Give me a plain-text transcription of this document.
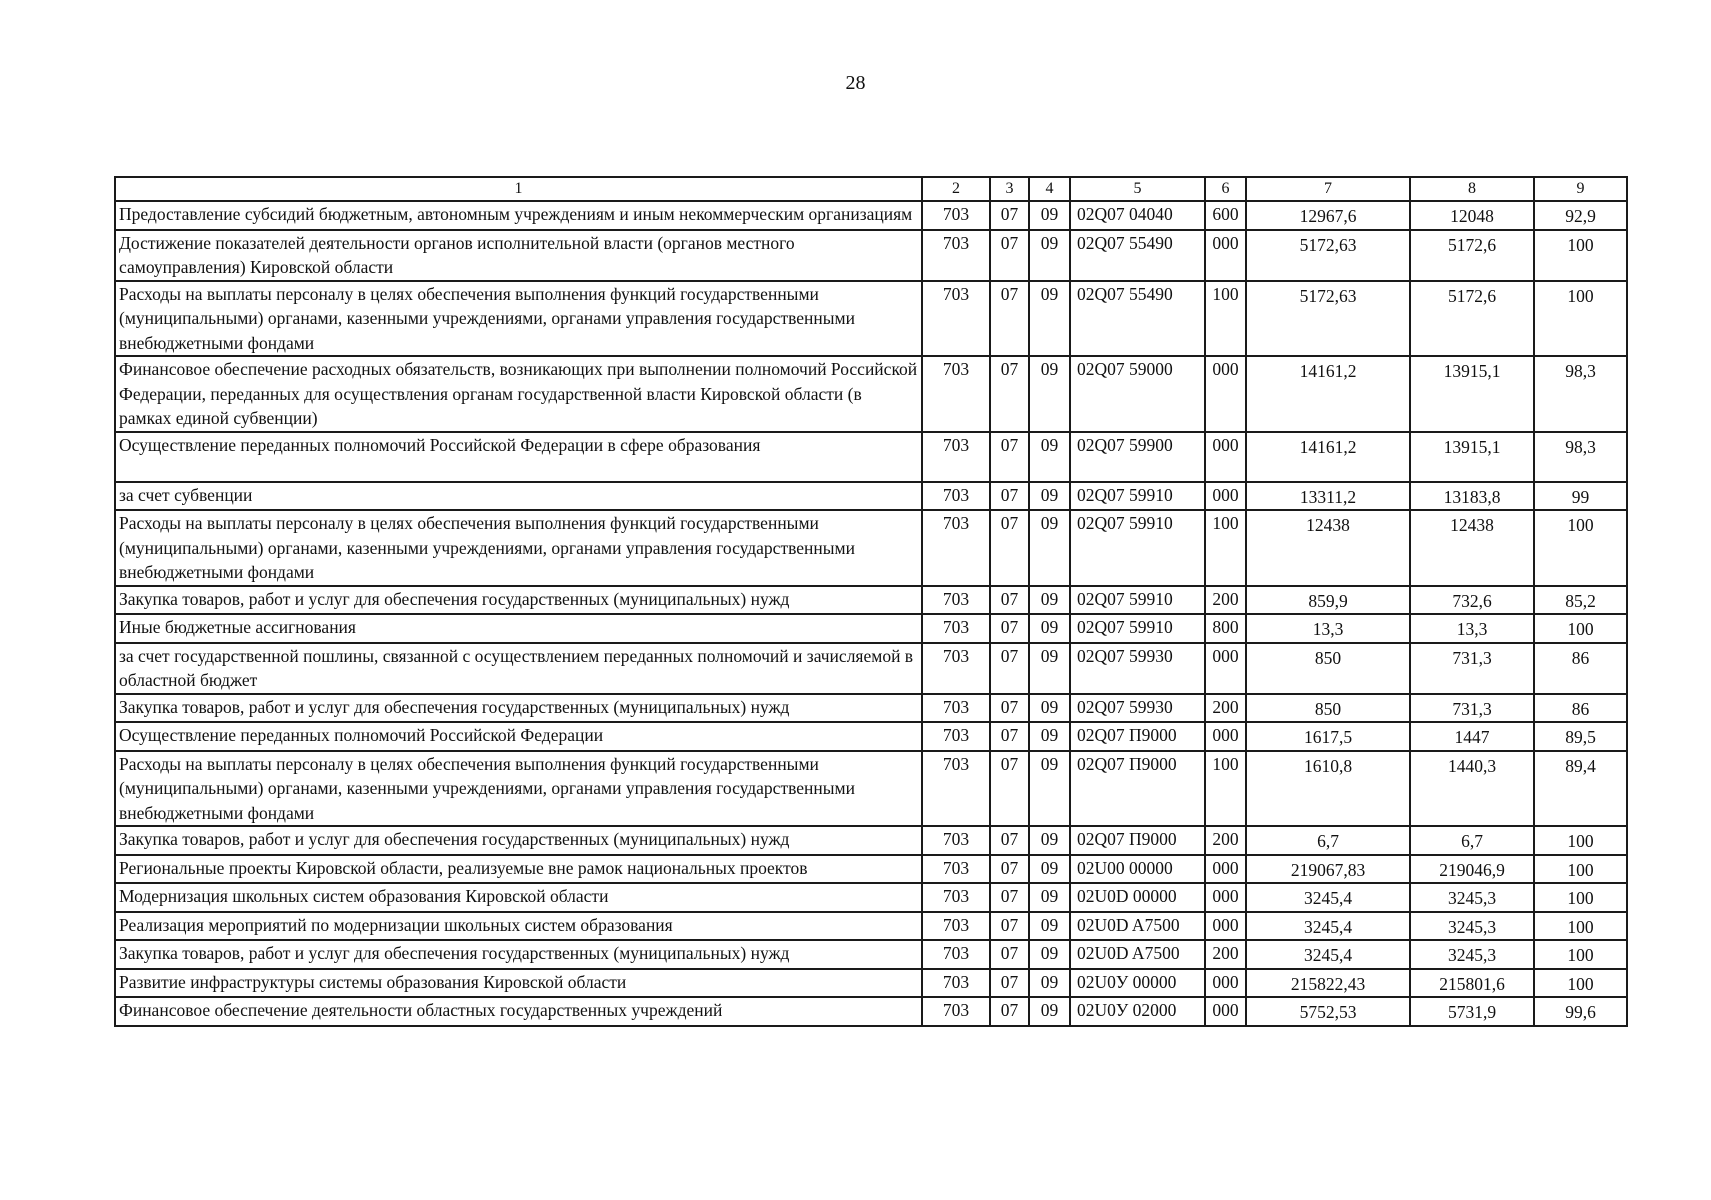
28
1	2	3	4	5	6	7	8	9
Предоставление субсидий бюджетным, автономным учреждениям и иным некоммерческим организациям	703	07	09	02Q07 04040	600	12967,6	12048	92,9
Достижение показателей деятельности органов исполнительной власти (органов местного самоуправления) Кировской области	703	07	09	02Q07 55490	000	5172,63	5172,6	100
Расходы на выплаты персоналу в целях обеспечения выполнения функций государственными (муниципальными) органами, казенными учреждениями, органами управления государственными внебюджетными фондами	703	07	09	02Q07 55490	100	5172,63	5172,6	100
Финансовое обеспечение расходных обязательств, возникающих при выполнении полномочий Российской Федерации, переданных для осуществления органам государственной власти Кировской области (в рамках единой субвенции)	703	07	09	02Q07 59000	000	14161,2	13915,1	98,3
Осуществление переданных полномочий Российской Федерации в сфере образования	703	07	09	02Q07 59900	000	14161,2	13915,1	98,3
за счет субвенции	703	07	09	02Q07 59910	000	13311,2	13183,8	99
Расходы на выплаты персоналу в целях обеспечения выполнения функций государственными (муниципальными) органами, казенными учреждениями, органами управления государственными внебюджетными фондами	703	07	09	02Q07 59910	100	12438	12438	100
Закупка товаров, работ и услуг для обеспечения государственных (муниципальных) нужд	703	07	09	02Q07 59910	200	859,9	732,6	85,2
Иные бюджетные ассигнования	703	07	09	02Q07 59910	800	13,3	13,3	100
за счет государственной пошлины, связанной с осуществлением переданных полномочий и зачисляемой в областной бюджет	703	07	09	02Q07 59930	000	850	731,3	86
Закупка товаров, работ и услуг для обеспечения государственных (муниципальных) нужд	703	07	09	02Q07 59930	200	850	731,3	86
Осуществление переданных полномочий Российской Федерации	703	07	09	02Q07 П9000	000	1617,5	1447	89,5
Расходы на выплаты персоналу в целях обеспечения выполнения функций государственными (муниципальными) органами, казенными учреждениями, органами управления государственными внебюджетными фондами	703	07	09	02Q07 П9000	100	1610,8	1440,3	89,4
Закупка товаров, работ и услуг для обеспечения государственных (муниципальных) нужд	703	07	09	02Q07 П9000	200	6,7	6,7	100
Региональные проекты Кировской области, реализуемые вне рамок национальных проектов	703	07	09	02U00 00000	000	219067,83	219046,9	100
Модернизация школьных систем образования Кировской области	703	07	09	02U0D 00000	000	3245,4	3245,3	100
Реализация мероприятий по модернизации школьных систем образования	703	07	09	02U0D A7500	000	3245,4	3245,3	100
Закупка товаров, работ и услуг для обеспечения государственных (муниципальных) нужд	703	07	09	02U0D A7500	200	3245,4	3245,3	100
Развитие инфраструктуры системы образования Кировской области	703	07	09	02U0У 00000	000	215822,43	215801,6	100
Финансовое обеспечение деятельности областных государственных учреждений	703	07	09	02U0У 02000	000	5752,53	5731,9	99,6
